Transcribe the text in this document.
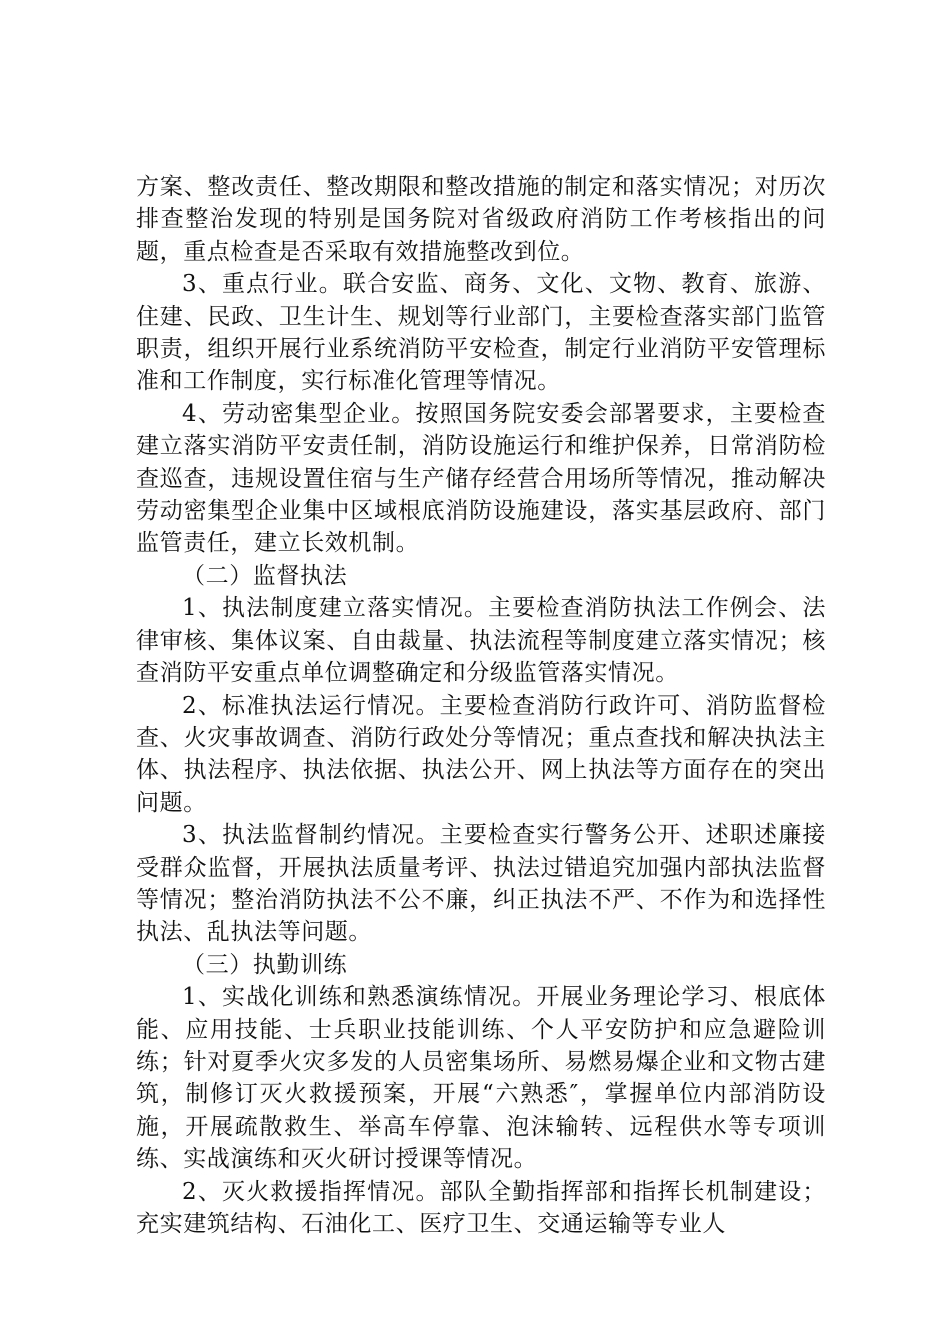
方案、整改责任、整改期限和整改措施的制定和落实情况；对历次排查整治发现的特别是国务院对省级政府消防工作考核指出的问题，重点检查是否采取有效措施整改到位。

3、重点行业。联合安监、商务、文化、文物、教育、旅游、住建、民政、卫生计生、规划等行业部门，主要检查落实部门监管职责，组织开展行业系统消防平安检查，制定行业消防平安管理标准和工作制度，实行标准化管理等情况。

4、劳动密集型企业。按照国务院安委会部署要求，主要检查建立落实消防平安责任制，消防设施运行和维护保养，日常消防检查巡查，违规设置住宿与生产储存经营合用场所等情况，推动解决劳动密集型企业集中区域根底消防设施建设，落实基层政府、部门监管责任，建立长效机制。

（二）监督执法

1、执法制度建立落实情况。主要检查消防执法工作例会、法律审核、集体议案、自由裁量、执法流程等制度建立落实情况；核查消防平安重点单位调整确定和分级监管落实情况。

2、标准执法运行情况。主要检查消防行政许可、消防监督检查、火灾事故调查、消防行政处分等情况；重点查找和解决执法主体、执法程序、执法依据、执法公开、网上执法等方面存在的突出问题。

3、执法监督制约情况。主要检查实行警务公开、述职述廉接受群众监督，开展执法质量考评、执法过错追究加强内部执法监督等情况；整治消防执法不公不廉，纠正执法不严、不作为和选择性执法、乱执法等问题。

（三）执勤训练

1、实战化训练和熟悉演练情况。开展业务理论学习、根底体能、应用技能、士兵职业技能训练、个人平安防护和应急避险训练；针对夏季火灾多发的人员密集场所、易燃易爆企业和文物古建筑，制修订灭火救援预案，开展“六熟悉″，掌握单位内部消防设施，开展疏散救生、举高车停靠、泡沫输转、远程供水等专项训练、实战演练和灭火研讨授课等情况。

2、灭火救援指挥情况。部队全勤指挥部和指挥长机制建设；充实建筑结构、石油化工、医疗卫生、交通运输等专业人
